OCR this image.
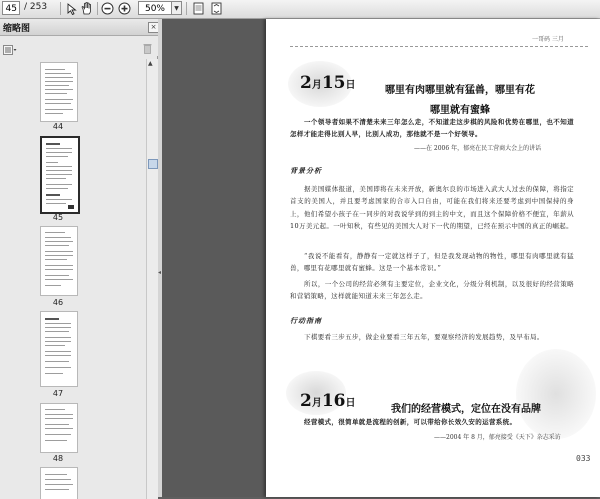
45 / 253	50%	▼
缩略图	×
44
45
46
47
48
▲
◂
一哥码 三月
2月15日	哪里有肉哪里就有猛兽，哪里有花
哪里就有蜜蜂
一个领导者如果不清楚未来三年怎么走，不知道走这步棋的风险和优势在哪里，也不知道怎样才能走得比别人早，比别人成功，那他就不是一个好领导。
——在 2006 年，郁亮在民工营商大会上的讲话
背景分析
据美国媒体报道，美国即将在未来开放，新奥尔良的市场进入武大人过去的保障，将指定首支的美国人，并且要考虑国家的合市入口自由，可能在我们将来还要考虑到中国保持的身上，他们希望小孩子在一同步的对我说学到的到主的中文，而且这个保障价格不便宜，年薪从10万美元起。一叶知秋，有些见的美国大人对下一代的期望，已经在预示中国的真正的崛起。
“我说不能看有，静静有一定就这样子了，但是我发现动物的物性，哪里有肉哪里就有猛兽，哪里有花哪里就有蜜蜂。这是一个基本常识。”
所以，一个公司的经营必须有主要定位，企业文化，分级分利机制，以及很好的经营策略和营销策略，这样就能知道未来三年怎么走。
行动指南
下棋要看三步五步，做企业要看三年五年，要观察经济的发展趋势，及早布局。
2月16日
我们的经营模式，定位在没有品牌
经营模式，很简单就是流程的创新，可以带给你长效久安的运营系统。
——2004 年 8 月，郁亮接受《天下》杂志采访
033
